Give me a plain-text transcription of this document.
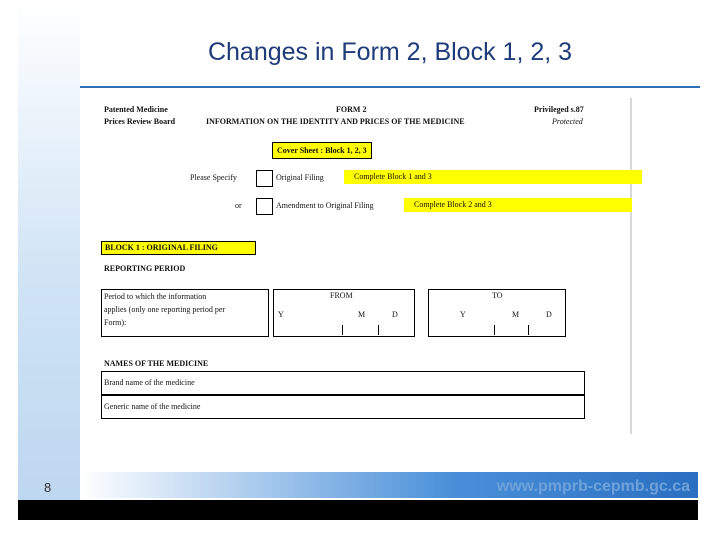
Changes in Form 2, Block 1, 2, 3
Patented Medicine
Prices Review Board
FORM 2
INFORMATION ON THE IDENTITY AND PRICES OF THE MEDICINE
Privileged s.87
Protected
Cover Sheet : Block 1, 2, 3
Please Specify	Original Filing	Complete Block 1 and 3
or	Amendment to Original Filing	Complete Block 2 and 3
BLOCK 1 : ORIGINAL FILING
REPORTING PERIOD
Period to which the information
applies (only one reporting period per
Form):
FROM
Y	M	D
TO
Y	M	D
NAMES OF THE MEDICINE
Brand name of the medicine
Generic name of the medicine
www.pmprb-cepmb.gc.ca
8
